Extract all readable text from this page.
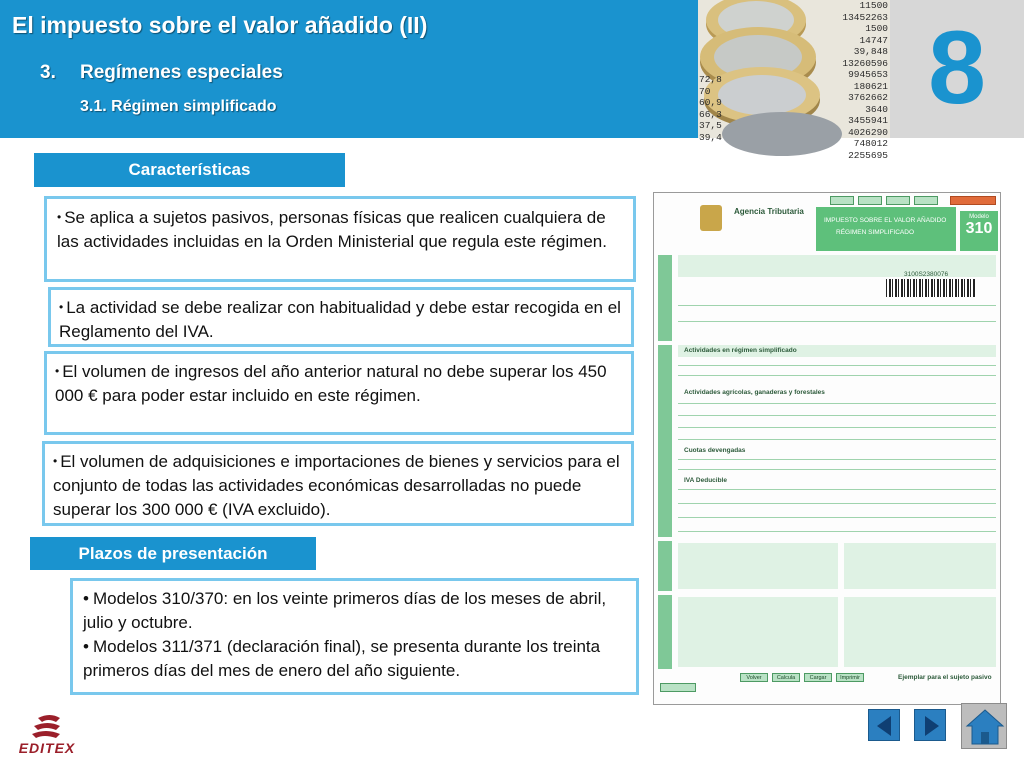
El impuesto sobre el valor añadido (II)
3. Regímenes especiales
3.1. Régimen simplificado
11500
13452263
1500
14747
39,848
13260596
9945653
180621
3762662
3640
3455941
4026290
748012
2255695
72,8
70
60,9
66,3
37,5
39,4
8
Características
• Se aplica a sujetos pasivos, personas físicas que realicen cualquiera de las actividades incluidas en la Orden Ministerial que regula este régimen.
• La actividad se debe realizar con habitualidad y debe estar recogida en el Reglamento del IVA.
• El volumen de ingresos del año anterior natural no debe superar los 450 000 € para poder estar incluido en este régimen.
• El volumen de adquisiciones e importaciones de bienes y servicios para el conjunto de todas las actividades económicas desarrolladas no puede superar los 300 000 € (IVA excluido).
Plazos de presentación
• Modelos 310/370: en los veinte primeros días de los meses de abril, julio y octubre.
• Modelos 311/371 (declaración final), se presenta durante los treinta primeros días del mes de enero del año siguiente.
Agencia Tributaria
IMPUESTO SOBRE EL VALOR AÑADIDO
RÉGIMEN SIMPLIFICADO
Modelo
310
3100S2380076
Actividades en régimen simplificado
Actividades agrícolas, ganaderas y forestales
Cuotas devengadas
IVA Deducible
Volver	Calcula	Cargar	Imprimir	Ejemplar para el sujeto pasivo
EDITEX
